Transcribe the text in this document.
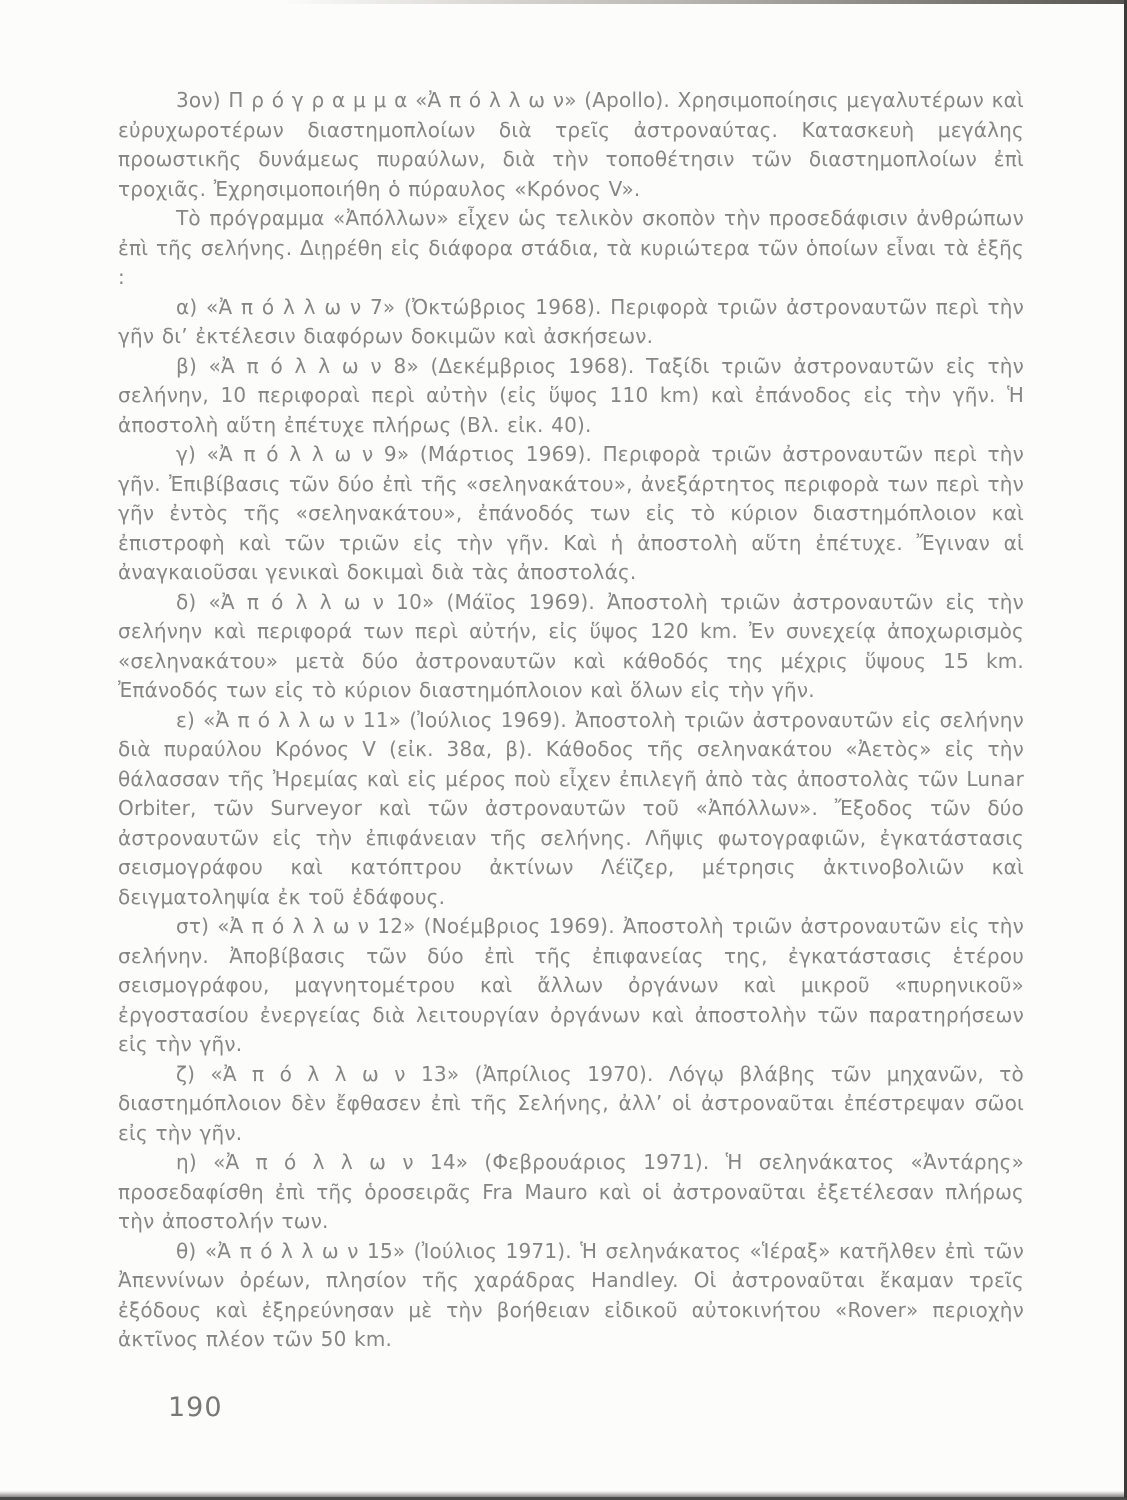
3ον) Π ρ ό γ ρ α μ μ α «Ἀ π ό λ λ ω ν» (Apollo). Χρησιμοποίησις μεγαλυτέρων καὶ εὐρυχωροτέρων διαστημοπλοίων διὰ τρεῖς ἀστροναύτας. Κατασκευὴ μεγάλης προωστικῆς δυνάμεως πυραύλων, διὰ τὴν τοποθέτησιν τῶν διαστημοπλοίων ἐπὶ τροχιᾶς. Ἐχρησιμοποιήθη ὁ πύραυλος «Κρόνος V».

Τὸ πρόγραμμα «Ἀπόλλων» εἶχεν ὡς τελικὸν σκοπὸν τὴν προσεδάφισιν ἀνθρώπων ἐπὶ τῆς σελήνης. Διῃρέθη εἰς διάφορα στάδια, τὰ κυριώτερα τῶν ὁποίων εἶναι τὰ ἑξῆς :

α) «Ἀ π ό λ λ ω ν 7» (Ὀκτώβριος 1968). Περιφορὰ τριῶν ἀστροναυτῶν περὶ τὴν γῆν δι’ ἐκτέλεσιν διαφόρων δοκιμῶν καὶ ἀσκήσεων.

β) «Ἀ π ό λ λ ω ν 8» (Δεκέμβριος 1968). Ταξίδι τριῶν ἀστροναυτῶν εἰς τὴν σελήνην, 10 περιφοραὶ περὶ αὐτὴν (εἰς ὕψος 110 km) καὶ ἐπάνοδος εἰς τὴν γῆν. Ἡ ἀποστολὴ αὕτη ἐπέτυχε πλήρως (Βλ. εἰκ. 40).

γ) «Ἀ π ό λ λ ω ν 9» (Μάρτιος 1969). Περιφορὰ τριῶν ἀστροναυτῶν περὶ τὴν γῆν. Ἐπιβίβασις τῶν δύο ἐπὶ τῆς «σεληνακάτου», ἀνεξάρτητος περιφορὰ των περὶ τὴν γῆν ἐντὸς τῆς «σεληνακάτου», ἐπάνοδός των εἰς τὸ κύριον διαστημόπλοιον καὶ ἐπιστροφὴ καὶ τῶν τριῶν εἰς τὴν γῆν. Καὶ ἡ ἀποστολὴ αὕτη ἐπέτυχε. Ἔγιναν αἱ ἀναγκαιοῦσαι γενικαὶ δοκιμαὶ διὰ τὰς ἀποστολάς.

δ) «Ἀ π ό λ λ ω ν 10» (Μάϊος 1969). Ἀποστολὴ τριῶν ἀστροναυτῶν εἰς τὴν σελήνην καὶ περιφορά των περὶ αὐτήν, εἰς ὕψος 120 km. Ἐν συνεχείᾳ ἀποχωρισμὸς «σεληνακάτου» μετὰ δύο ἀστροναυτῶν καὶ κάθοδός της μέχρις ὕψους 15 km. Ἐπάνοδός των εἰς τὸ κύριον διαστημόπλοιον καὶ ὅλων εἰς τὴν γῆν.

ε) «Ἀ π ό λ λ ω ν 11» (Ἰούλιος 1969). Ἀποστολὴ τριῶν ἀστροναυτῶν εἰς σελήνην διὰ πυραύλου Κρόνος V (εἰκ. 38α, β). Κάθοδος τῆς σεληνακάτου «Ἀετὸς» εἰς τὴν θάλασσαν τῆς Ἠρεμίας καὶ εἰς μέρος ποὺ εἶχεν ἐπιλεγῆ ἀπὸ τὰς ἀποστολὰς τῶν Lunar Orbiter, τῶν Surveyor καὶ τῶν ἀστροναυτῶν τοῦ «Ἀπόλλων». Ἔξοδος τῶν δύο ἀστροναυτῶν εἰς τὴν ἐπιφάνειαν τῆς σελήνης. Λῆψις φωτογραφιῶν, ἐγκατάστασις σεισμογράφου καὶ κατόπτρου ἀκτίνων Λέϊζερ, μέτρησις ἀκτινοβολιῶν καὶ δειγματοληψία ἐκ τοῦ ἐδάφους.

στ) «Ἀ π ό λ λ ω ν 12» (Νοέμβριος 1969). Ἀποστολὴ τριῶν ἀστροναυτῶν εἰς τὴν σελήνην. Ἀποβίβασις τῶν δύο ἐπὶ τῆς ἐπιφανείας της, ἐγκατάστασις ἑτέρου σεισμογράφου, μαγνητομέτρου καὶ ἄλλων ὀργάνων καὶ μικροῦ «πυρηνικοῦ» ἐργοστασίου ἐνεργείας διὰ λειτουργίαν ὀργάνων καὶ ἀποστολὴν τῶν παρατηρήσεων εἰς τὴν γῆν.

ζ) «Ἀ π ό λ λ ω ν 13» (Ἀπρίλιος 1970). Λόγῳ βλάβης τῶν μηχανῶν, τὸ διαστημόπλοιον δὲν ἔφθασεν ἐπὶ τῆς Σελήνης, ἀλλ’ οἱ ἀστροναῦται ἐπέστρεψαν σῶοι εἰς τὴν γῆν.

η) «Ἀ π ό λ λ ω ν 14» (Φεβρουάριος 1971). Ἡ σεληνάκατος «Ἀντάρης» προσεδαφίσθη ἐπὶ τῆς ὁροσειρᾶς Fra Mauro καὶ οἱ ἀστροναῦται ἐξετέλεσαν πλήρως τὴν ἀποστολήν των.

θ) «Ἀ π ό λ λ ω ν 15» (Ἰούλιος 1971). Ἡ σεληνάκατος «Ἱέραξ» κατῆλθεν ἐπὶ τῶν Ἀπεννίνων ὀρέων, πλησίον τῆς χαράδρας Handley. Οἱ ἀστροναῦται ἔκαμαν τρεῖς ἐξόδους καὶ ἐξηρεύνησαν μὲ τὴν βοήθειαν εἰδικοῦ αὐτοκινήτου «Rover» περιοχὴν ἀκτῖνος πλέον τῶν 50 km.

190
